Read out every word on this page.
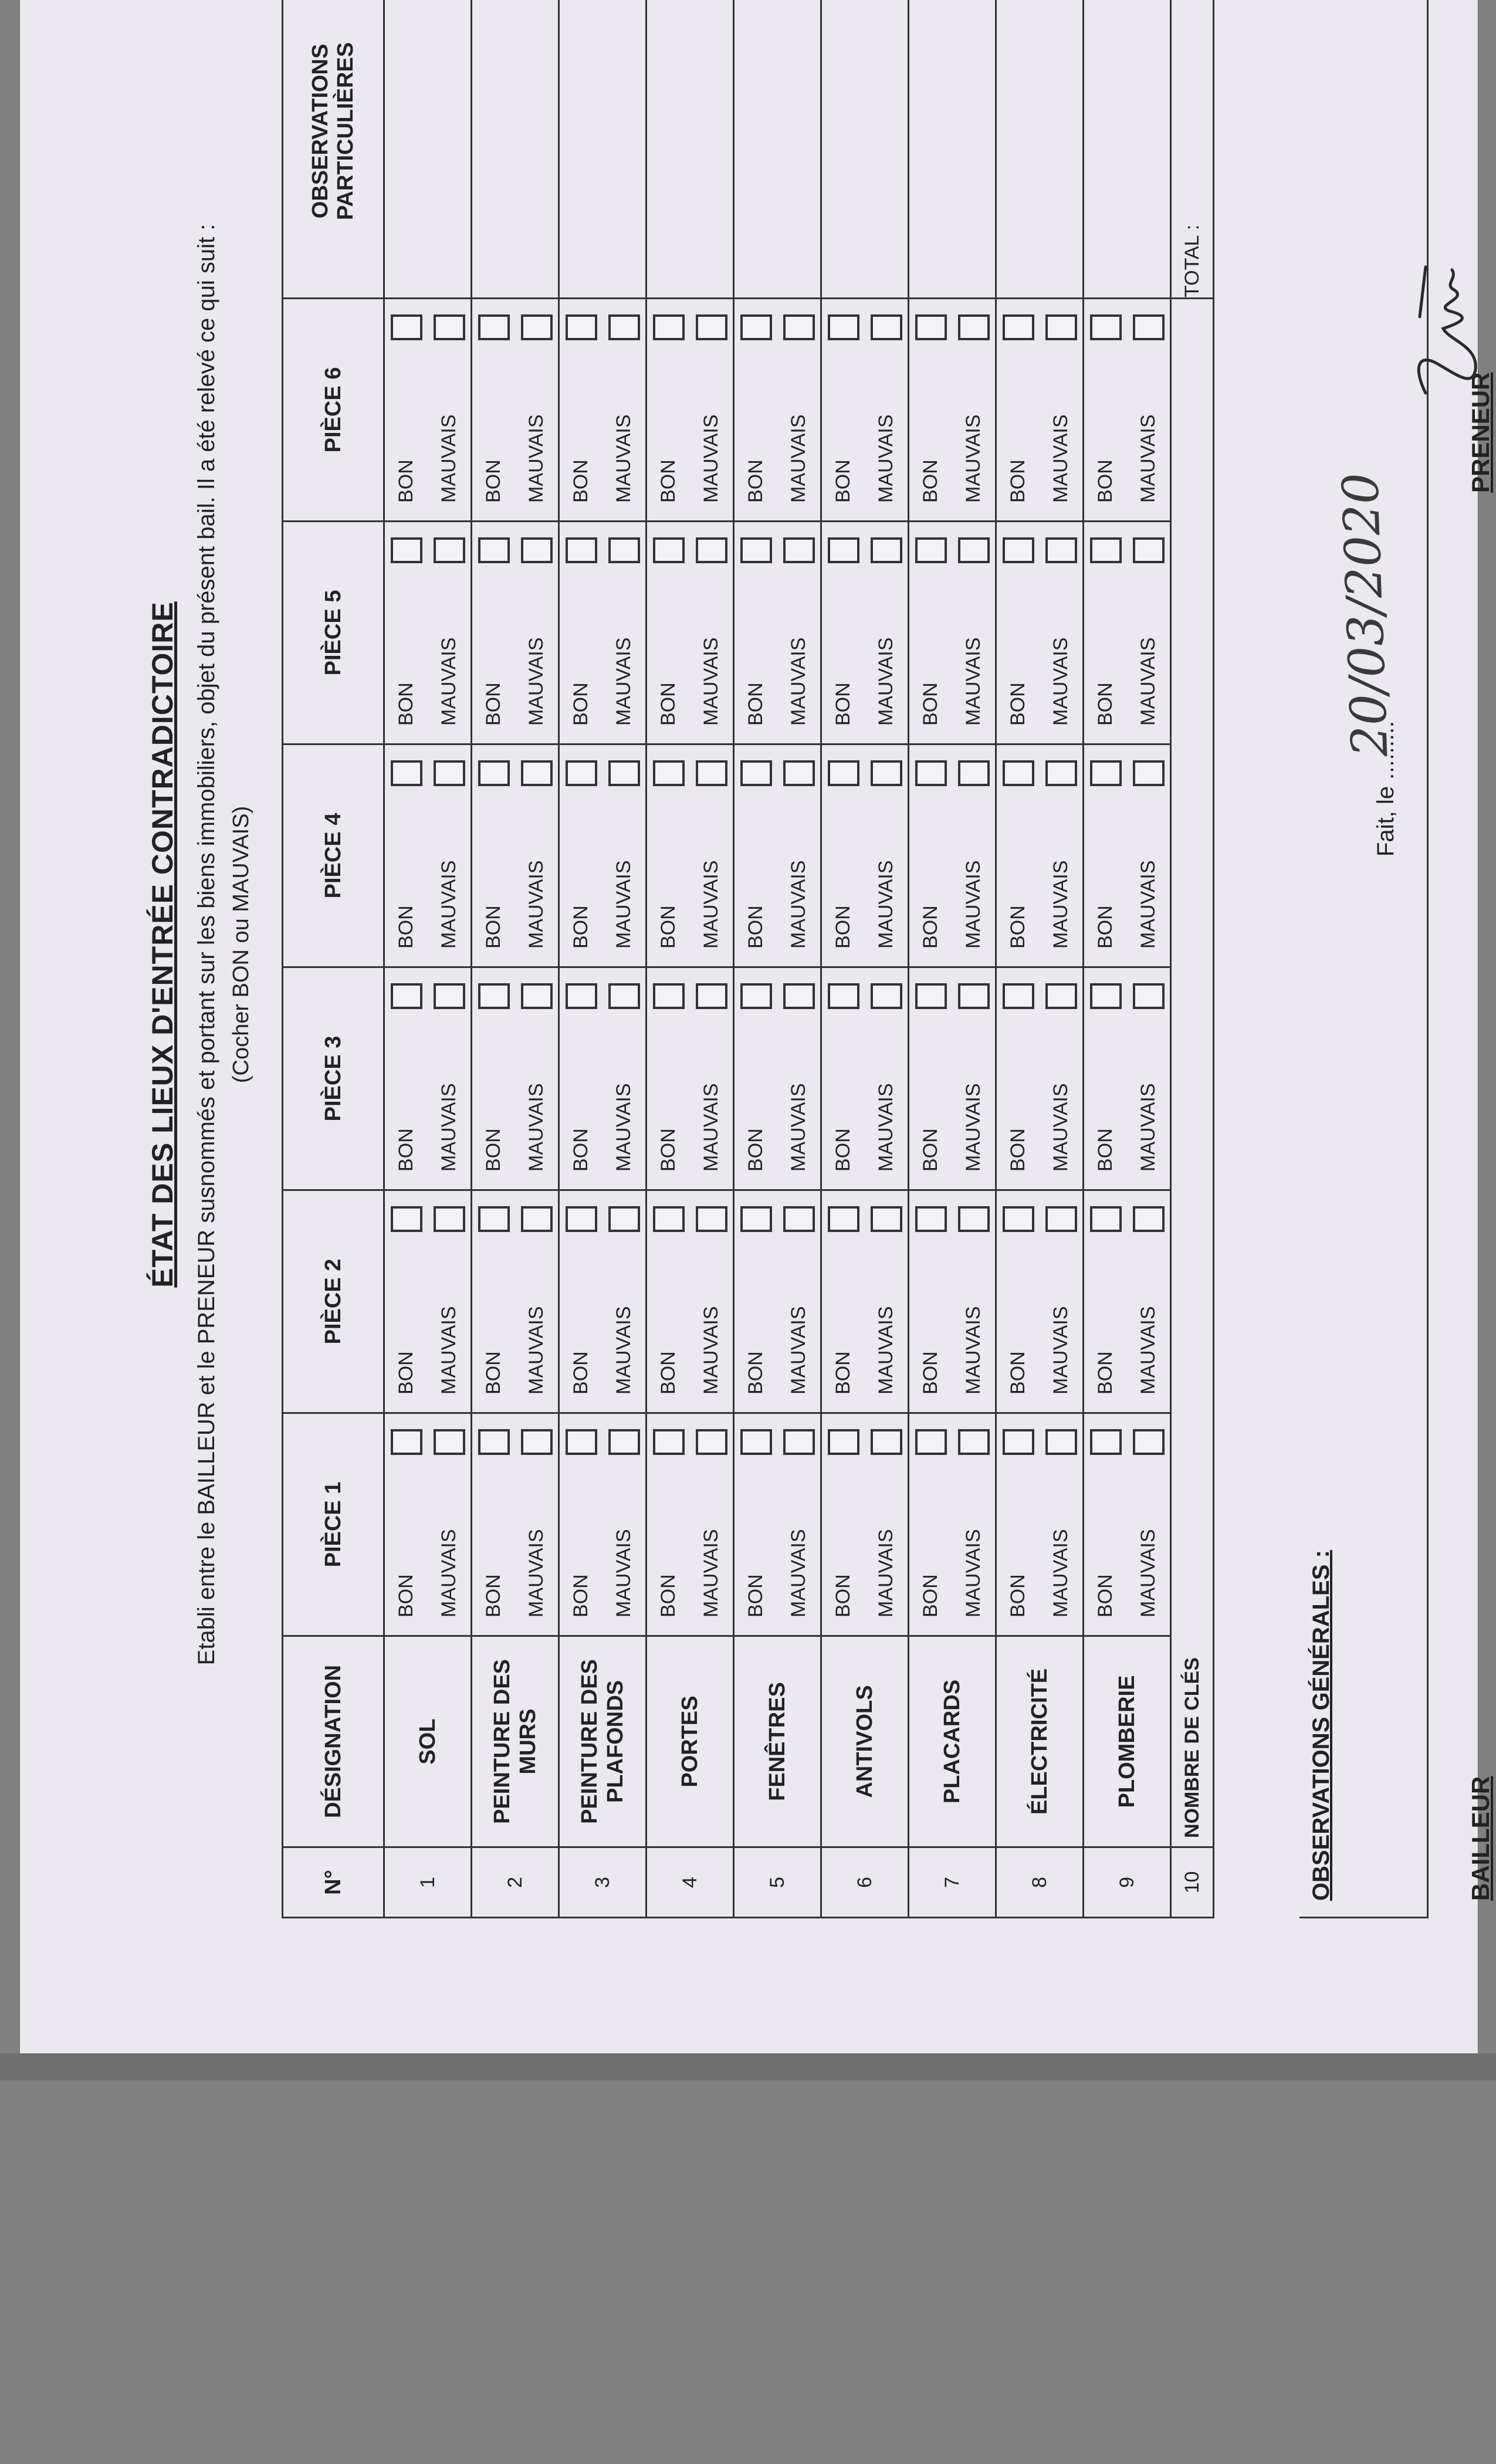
ÉTAT DES LIEUX D'ENTRÉE CONTRADICTOIRE Etabli entre le BAILLEUR et le PRENEUR susnommés et portant sur les biens immobiliers, objet du présent bail. Il a été relevé ce qui suit : (Cocher BON ou MAUVAIS)
N°	DÉSIGNATION	PIÈCE 1	PIÈCE 2	PIÈCE 3	PIÈCE 4	PIÈCE 5	PIÈCE 6	OBSERVATIONS PARTICULIÈRES
1	SOL	BON MAUVAIS	BON MAUVAIS	BON MAUVAIS	BON MAUVAIS	BON MAUVAIS	BON MAUVAIS	

2	PEINTURE DES MURS	BON MAUVAIS	BON MAUVAIS	BON MAUVAIS	BON MAUVAIS	BON MAUVAIS	BON MAUVAIS	

3	PEINTURE DES PLAFONDS	BON MAUVAIS	BON MAUVAIS	BON MAUVAIS	BON MAUVAIS	BON MAUVAIS	BON MAUVAIS	

4	PORTES	BON MAUVAIS	BON MAUVAIS	BON MAUVAIS	BON MAUVAIS	BON MAUVAIS	BON MAUVAIS	

5	FENÊTRES	BON MAUVAIS	BON MAUVAIS	BON MAUVAIS	BON MAUVAIS	BON MAUVAIS	BON MAUVAIS	

6	ANTIVOLS	BON MAUVAIS	BON MAUVAIS	BON MAUVAIS	BON MAUVAIS	BON MAUVAIS	BON MAUVAIS	

7	PLACARDS	BON MAUVAIS	BON MAUVAIS	BON MAUVAIS	BON MAUVAIS	BON MAUVAIS	BON MAUVAIS	

8	ÉLECTRICITÉ	BON MAUVAIS	BON MAUVAIS	BON MAUVAIS	BON MAUVAIS	BON MAUVAIS	BON MAUVAIS	

9	PLOMBERIE	BON MAUVAIS	BON MAUVAIS	BON MAUVAIS	BON MAUVAIS	BON MAUVAIS	BON MAUVAIS	

10	NOMBRE DE CLÉS							TOTAL :
OBSERVATIONS GÉNÉRALES :
Fait, le .........
20/03/2020
BAILLEUR
PRENEUR
